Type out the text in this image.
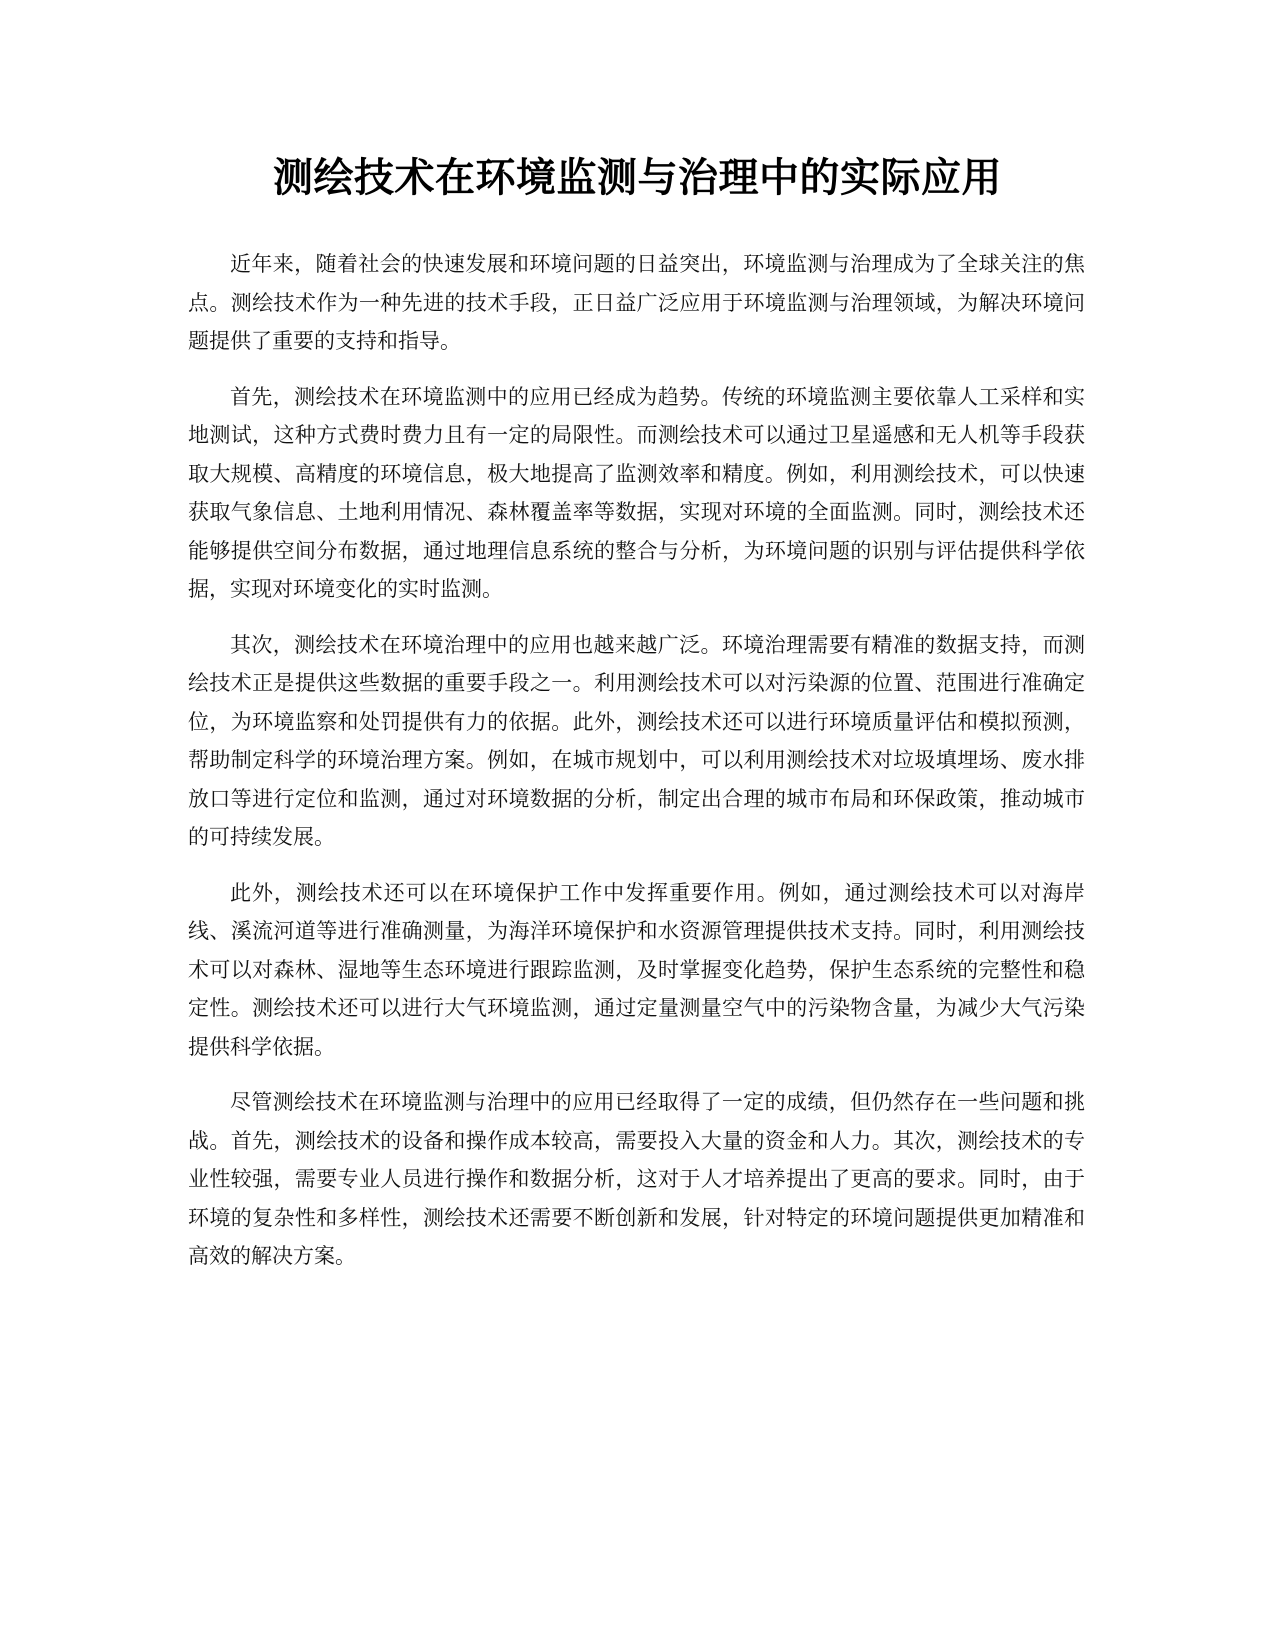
测绘技术在环境监测与治理中的实际应用

近年来，随着社会的快速发展和环境问题的日益突出，环境监测与治理成为了全球关注的焦点。测绘技术作为一种先进的技术手段，正日益广泛应用于环境监测与治理领域，为解决环境问题提供了重要的支持和指导。

首先，测绘技术在环境监测中的应用已经成为趋势。传统的环境监测主要依靠人工采样和实地测试，这种方式费时费力且有一定的局限性。而测绘技术可以通过卫星遥感和无人机等手段获取大规模、高精度的环境信息，极大地提高了监测效率和精度。例如，利用测绘技术，可以快速获取气象信息、土地利用情况、森林覆盖率等数据，实现对环境的全面监测。同时，测绘技术还能够提供空间分布数据，通过地理信息系统的整合与分析，为环境问题的识别与评估提供科学依据，实现对环境变化的实时监测。

其次，测绘技术在环境治理中的应用也越来越广泛。环境治理需要有精准的数据支持，而测绘技术正是提供这些数据的重要手段之一。利用测绘技术可以对污染源的位置、范围进行准确定位，为环境监察和处罚提供有力的依据。此外，测绘技术还可以进行环境质量评估和模拟预测，帮助制定科学的环境治理方案。例如，在城市规划中，可以利用测绘技术对垃圾填埋场、废水排放口等进行定位和监测，通过对环境数据的分析，制定出合理的城市布局和环保政策，推动城市的可持续发展。

此外，测绘技术还可以在环境保护工作中发挥重要作用。例如，通过测绘技术可以对海岸线、溪流河道等进行准确测量，为海洋环境保护和水资源管理提供技术支持。同时，利用测绘技术可以对森林、湿地等生态环境进行跟踪监测，及时掌握变化趋势，保护生态系统的完整性和稳定性。测绘技术还可以进行大气环境监测，通过定量测量空气中的污染物含量，为减少大气污染提供科学依据。

尽管测绘技术在环境监测与治理中的应用已经取得了一定的成绩，但仍然存在一些问题和挑战。首先，测绘技术的设备和操作成本较高，需要投入大量的资金和人力。其次，测绘技术的专业性较强，需要专业人员进行操作和数据分析，这对于人才培养提出了更高的要求。同时，由于环境的复杂性和多样性，测绘技术还需要不断创新和发展，针对特定的环境问题提供更加精准和高效的解决方案。
